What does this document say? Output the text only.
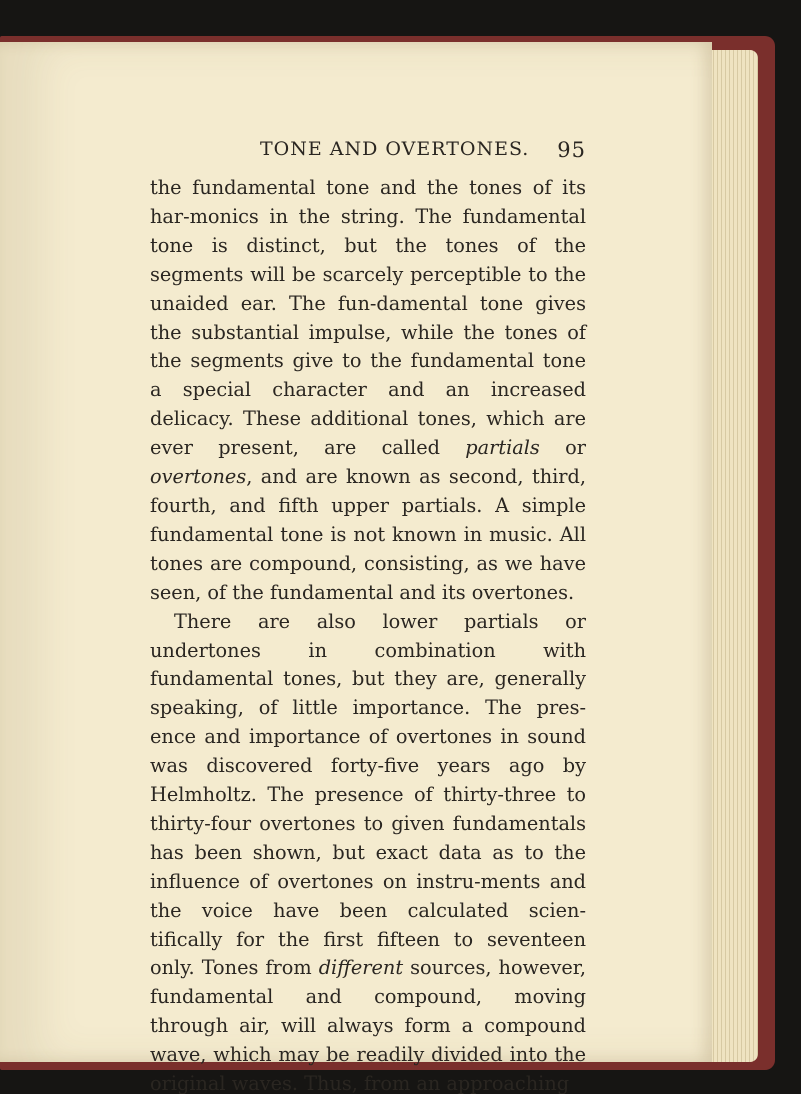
TONE AND OVERTONES. 95

the fundamental tone and the tones of its har-monics in the string. The fundamental tone is distinct, but the tones of the segments will be scarcely perceptible to the unaided ear. The fun-damental tone gives the substantial impulse, while the tones of the segments give to the fundamental tone a special character and an increased delicacy. These additional tones, which are ever present, are called partials or overtones, and are known as second, third, fourth, and fifth upper partials. A simple fundamental tone is not known in music. All tones are compound, consisting, as we have seen, of the fundamental and its overtones.

There are also lower partials or undertones in combination with fundamental tones, but they are, generally speaking, of little importance. The pres-ence and importance of overtones in sound was discovered forty-five years ago by Helmholtz. The presence of thirty-three to thirty-four overtones to given fundamentals has been shown, but exact data as to the influence of overtones on instru-ments and the voice have been calculated scien-tifically for the first fifteen to seventeen only. Tones from different sources, however, fundamental and compound, moving through air, will always form a compound wave, which may be readily divided into the original waves. Thus, from an approaching
